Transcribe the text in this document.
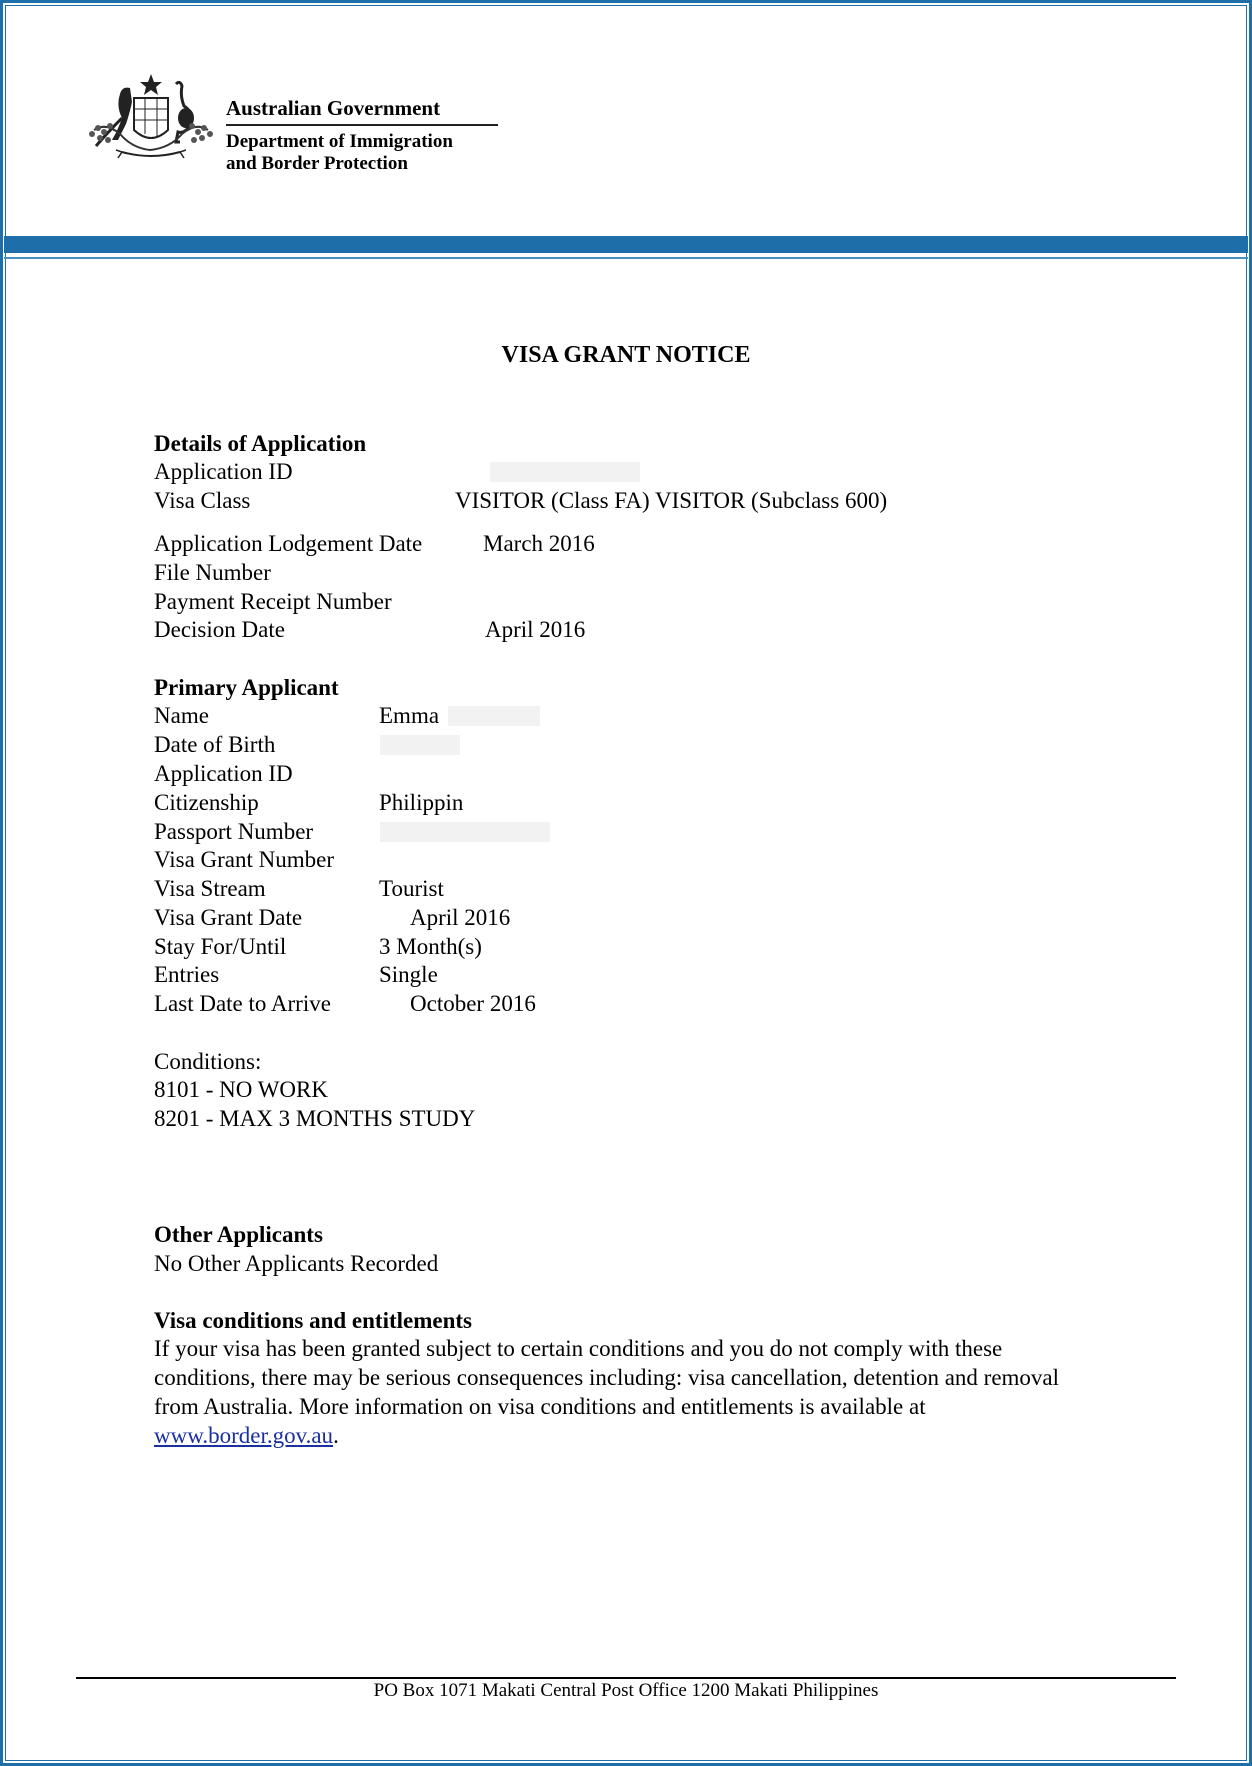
Australian Government
Department of Immigration
and Border Protection
VISA GRANT NOTICE
Details of Application
Application ID
Visa Class	VISITOR (Class FA) VISITOR (Subclass 600)
Application Lodgement Date	March 2016
File Number
Payment Receipt Number
Decision Date	April 2016
Primary Applicant
Name	Emma
Date of Birth
Application ID
Citizenship	Philippin
Passport Number
Visa Grant Number
Visa Stream	Tourist
Visa Grant Date	April 2016
Stay For/Until	3 Month(s)
Entries	Single
Last Date to Arrive	October 2016
Conditions:
8101 - NO WORK
8201 - MAX 3 MONTHS STUDY
Other Applicants
No Other Applicants Recorded
Visa conditions and entitlements
If your visa has been granted subject to certain conditions and you do not comply with these conditions, there may be serious consequences including: visa cancellation, detention and removal from Australia. More information on visa conditions and entitlements is available at www.border.gov.au.
PO Box 1071 Makati Central Post Office 1200 Makati Philippines
